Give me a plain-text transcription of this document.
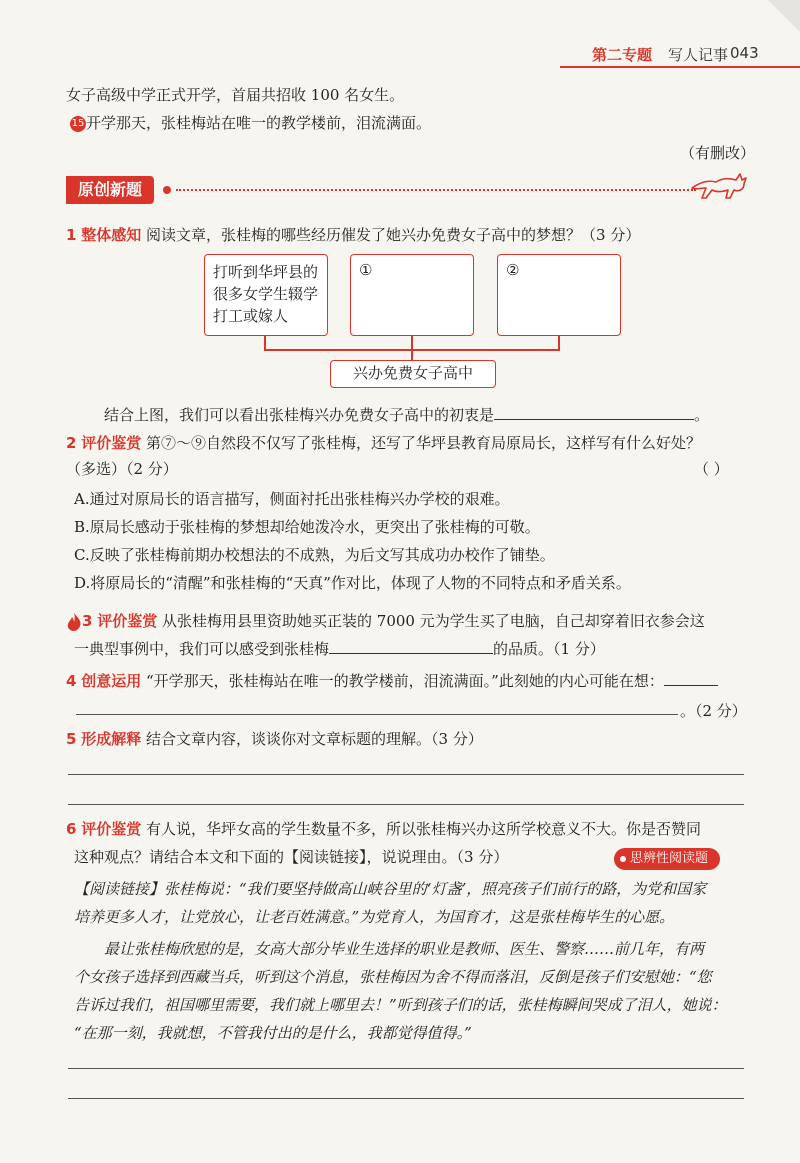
第二专题 写人记事 043
女子高级中学正式开学，首届共招收 100 名女生。
15 开学那天，张桂梅站在唯一的教学楼前，泪流满面。
（有删改）
原创新题
1 整体感知 阅读文章，张桂梅的哪些经历催发了她兴办免费女子高中的梦想？（3 分）
打听到华坪县的很多女学生辍学打工或嫁人
①	②
兴办免费女子高中
结合上图，我们可以看出张桂梅兴办免费女子高中的初衷是	。
2 评价鉴赏 第⑦～⑨自然段不仅写了张桂梅，还写了华坪县教育局原局长，这样写有什么好处？
（多选）（2 分）	（ ）
A.通过对原局长的语言描写，侧面衬托出张桂梅兴办学校的艰难。
B.原局长感动于张桂梅的梦想却给她泼冷水，更突出了张桂梅的可敬。
C.反映了张桂梅前期办校想法的不成熟，为后文写其成功办校作了铺垫。
D.将原局长的“清醒”和张桂梅的“天真”作对比，体现了人物的不同特点和矛盾关系。
3 评价鉴赏 从张桂梅用县里资助她买正装的 7000 元为学生买了电脑，自己却穿着旧衣参会这
一典型事例中，我们可以感受到张桂梅	的品质。（1 分）
4 创意运用 “开学那天，张桂梅站在唯一的教学楼前，泪流满面。”此刻她的内心可能在想：
。（2 分）
5 形成解释 结合文章内容，谈谈你对文章标题的理解。（3 分）
6 评价鉴赏 有人说，华坪女高的学生数量不多，所以张桂梅兴办这所学校意义不大。你是否赞同
这种观点？请结合本文和下面的【阅读链接】，说说理由。（3 分）	思辨性阅读题
【阅读链接】张桂梅说：“我们要坚持做高山峡谷里的‘灯盏’，照亮孩子们前行的路，为党和国家
培养更多人才，让党放心，让老百姓满意。”为党育人，为国育才，这是张桂梅毕生的心愿。
最让张桂梅欣慰的是，女高大部分毕业生选择的职业是教师、医生、警察……前几年，有两
个女孩子选择到西藏当兵，听到这个消息，张桂梅因为舍不得而落泪，反倒是孩子们安慰她：“您
告诉过我们，祖国哪里需要，我们就上哪里去！”听到孩子们的话，张桂梅瞬间哭成了泪人，她说：
“在那一刻，我就想，不管我付出的是什么，我都觉得值得。”
